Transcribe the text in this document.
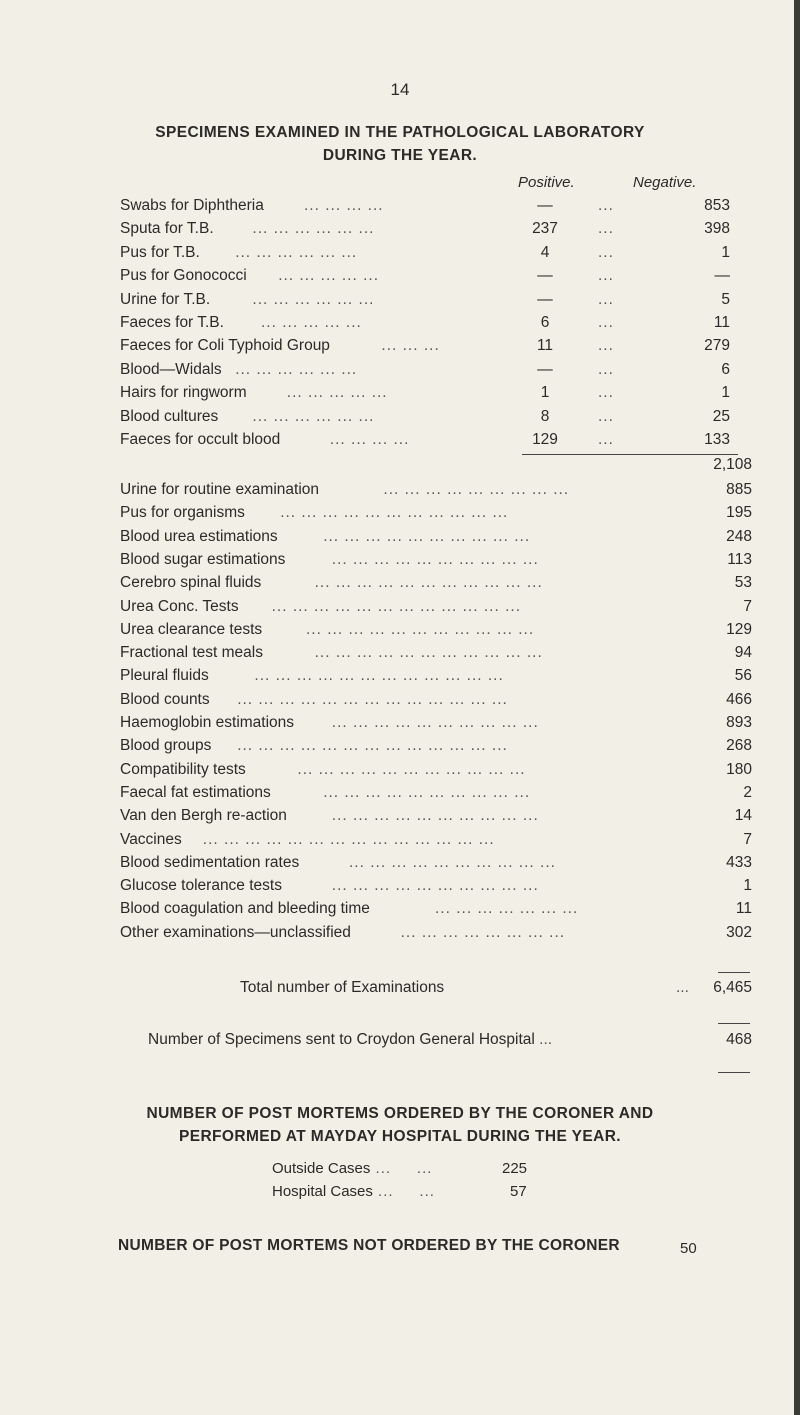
14
SPECIMENS EXAMINED IN THE PATHOLOGICAL LABORATORY
DURING THE YEAR.
Positive.	Negative.
Swabs for Diphtheria	... ... ... ...	—	...	853
Sputa for T.B.	... ... ... ... ... ...	237	...	398
Pus for T.B. ... ... ... ... ... ...	4	...	1
Pus for Gonococci ... ... ... ... ...	—	...	—
Urine for T.B.	... ... ... ... ... ...	—	...	5
Faeces for T.B. ... ... ... ... ...	6	...	11
Faeces for Coli Typhoid Group	... ... ...	11	...	279
Blood—Widals ... ... ... ... ... ...	—	...	6
Hairs for ringworm	... ... ... ... ...	1	...	1
Blood cultures ... ... ... ... ... ...	8	...	25
Faeces for occult blood	... ... ... ...	129	...	133
2,108
Urine for routine examination	... ... ... ... ... ... ... ... ...	885
Pus for organisms ... ... ... ... ... ... ... ... ... ... ...	195
Blood urea estimations	... ... ... ... ... ... ... ... ... ...	248
Blood sugar estimations	... ... ... ... ... ... ... ... ... ...	113
Cerebro spinal fluids	... ... ... ... ... ... ... ... ... ... ...	53
Urea Conc. Tests ... ... ... ... ... ... ... ... ... ... ... ...	7
Urea clearance tests	... ... ... ... ... ... ... ... ... ... ...	129
Fractional test meals	... ... ... ... ... ... ... ... ... ... ...	94
Pleural fluids	... ... ... ... ... ... ... ... ... ... ... ...	56
Blood counts ... ... ... ... ... ... ... ... ... ... ... ... ...	466
Haemoglobin estimations ... ... ... ... ... ... ... ... ... ...	893
Blood groups ... ... ... ... ... ... ... ... ... ... ... ... ...	268
Compatibility tests	... ... ... ... ... ... ... ... ... ... ...	180
Faecal fat estimations	... ... ... ... ... ... ... ... ... ...	2
Van den Bergh re-action	... ... ... ... ... ... ... ... ... ...	14
Vaccines ... ... ... ... ... ... ... ... ... ... ... ... ... ...	7
Blood sedimentation rates	... ... ... ... ... ... ... ... ... ...	433
Glucose tolerance tests	... ... ... ... ... ... ... ... ... ...	1
Blood coagulation and bleeding time	... ... ... ... ... ... ...	11
Other examinations—unclassified	... ... ... ... ... ... ... ...	302
Total number of Examinations	... 6,465
Number of Specimens sent to Croydon General Hospital ...	468
NUMBER OF POST MORTEMS ORDERED BY THE CORONER AND
PERFORMED AT MAYDAY HOSPITAL DURING THE YEAR.
Outside Cases ...     ...	225
Hospital Cases ...     ...	57
NUMBER OF POST MORTEMS NOT ORDERED BY THE CORONER	50
